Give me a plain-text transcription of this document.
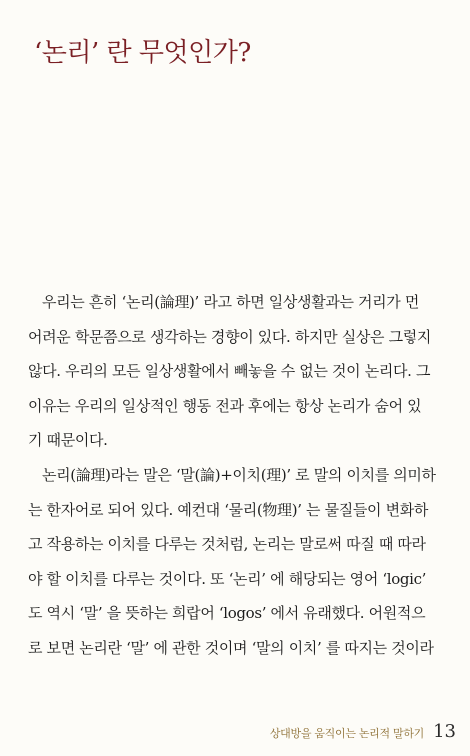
‘논리’ 란 무엇인가?
우리는 흔히 ‘논리(論理)’ 라고 하면 일상생활과는 거리가 먼
어려운 학문쯤으로 생각하는 경향이 있다. 하지만 실상은 그렇지
않다. 우리의 모든 일상생활에서 빼놓을 수 없는 것이 논리다. 그
이유는 우리의 일상적인 행동 전과 후에는 항상 논리가 숨어 있
기 때문이다.
논리(論理)라는 말은 ‘말(論)+이치(理)’ 로 말의 이치를 의미하
는 한자어로 되어 있다. 예컨대 ‘물리(物理)’ 는 물질들이 변화하
고 작용하는 이치를 다루는 것처럼, 논리는 말로써 따질 때 따라
야 할 이치를 다루는 것이다. 또 ‘논리’ 에 해당되는 영어 ‘logic’
도 역시 ‘말’ 을 뜻하는 희랍어 ‘logos’ 에서 유래했다. 어원적으
로 보면 논리란 ‘말’ 에 관한 것이며 ‘말의 이치’ 를 따지는 것이라
상대방을 움직이는 논리적 말하기 13
